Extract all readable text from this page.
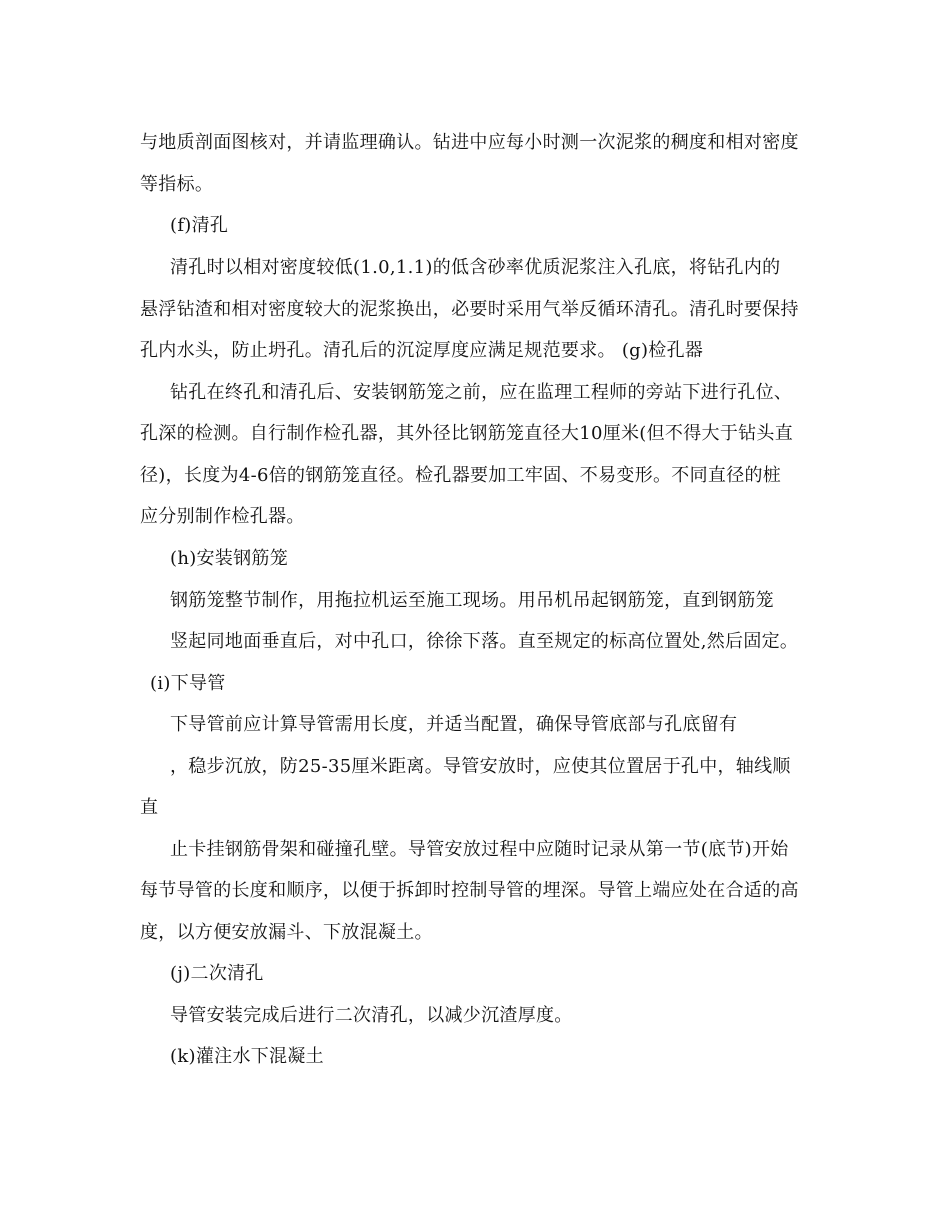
与地质剖面图核对，并请监理确认。钻进中应每小时测一次泥浆的稠度和相对密度
等指标。
(f)清孔
清孔时以相对密度较低(1.0,1.1)的低含砂率优质泥浆注入孔底，将钻孔内的
悬浮钻渣和相对密度较大的泥浆换出，必要时采用气举反循环清孔。清孔时要保持
孔内水头，防止坍孔。清孔后的沉淀厚度应满足规范要求。 (g)检孔器
钻孔在终孔和清孔后、安装钢筋笼之前，应在监理工程师的旁站下进行孔位、
孔深的检测。自行制作检孔器，其外径比钢筋笼直径大10厘米(但不得大于钻头直
径)，长度为4-6倍的钢筋笼直径。检孔器要加工牢固、不易变形。不同直径的桩
应分别制作检孔器。
(h)安装钢筋笼
钢筋笼整节制作，用拖拉机运至施工现场。用吊机吊起钢筋笼，直到钢筋笼
竖起同地面垂直后，对中孔口，徐徐下落。直至规定的标高位置处,然后固定。
(i)下导管
下导管前应计算导管需用长度，并适当配置，确保导管底部与孔底留有
，稳步沉放，防25-35厘米距离。导管安放时，应使其位置居于孔中，轴线顺
直
止卡挂钢筋骨架和碰撞孔壁。导管安放过程中应随时记录从第一节(底节)开始
每节导管的长度和顺序，以便于拆卸时控制导管的埋深。导管上端应处在合适的高
度，以方便安放漏斗、下放混凝土。
(j)二次清孔
导管安装完成后进行二次清孔，以减少沉渣厚度。
(k)灌注水下混凝土
